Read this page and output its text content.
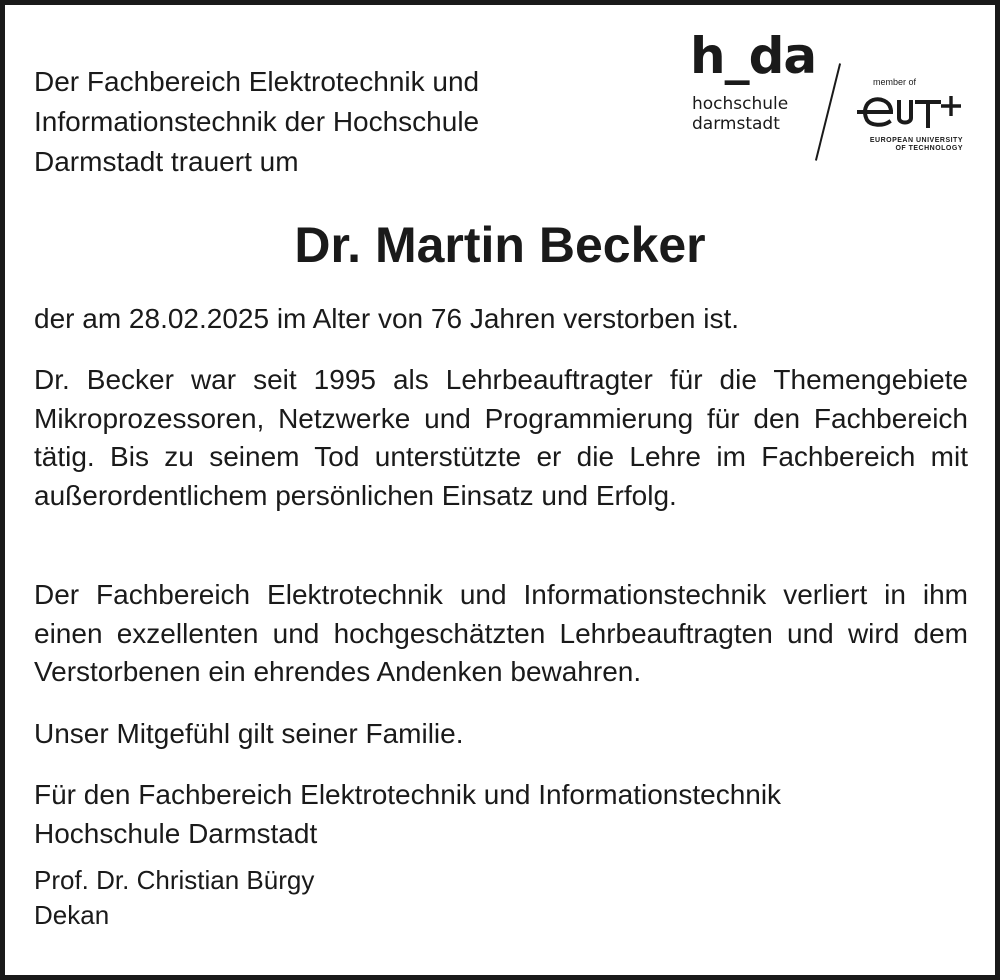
Der Fachbereich Elektrotechnik und
Informationstechnik der Hochschule
Darmstadt trauert um
h_da
hochschule
darmstadt
member of
EUROPEAN UNIVERSITY
OF TECHNOLOGY
Dr. Martin Becker
der am 28.02.2025 im Alter von 76 Jahren verstorben ist.
Dr. Becker war seit 1995 als Lehrbeauftragter für die Themengebiete Mikroprozessoren, Netzwerke und Programmierung für den Fachbereich tätig. Bis zu seinem Tod unterstützte er die Lehre im Fachbereich mit außerordentlichem persönlichen Einsatz und Erfolg.
Der Fachbereich Elektrotechnik und Informationstechnik verliert in ihm einen exzellenten und hochgeschätzten Lehrbeauftragten und wird dem Verstorbenen ein ehrendes Andenken bewahren.
Unser Mitgefühl gilt seiner Familie.
Für den Fachbereich Elektrotechnik und Informationstechnik
Hochschule Darmstadt
Prof. Dr. Christian Bürgy
Dekan
